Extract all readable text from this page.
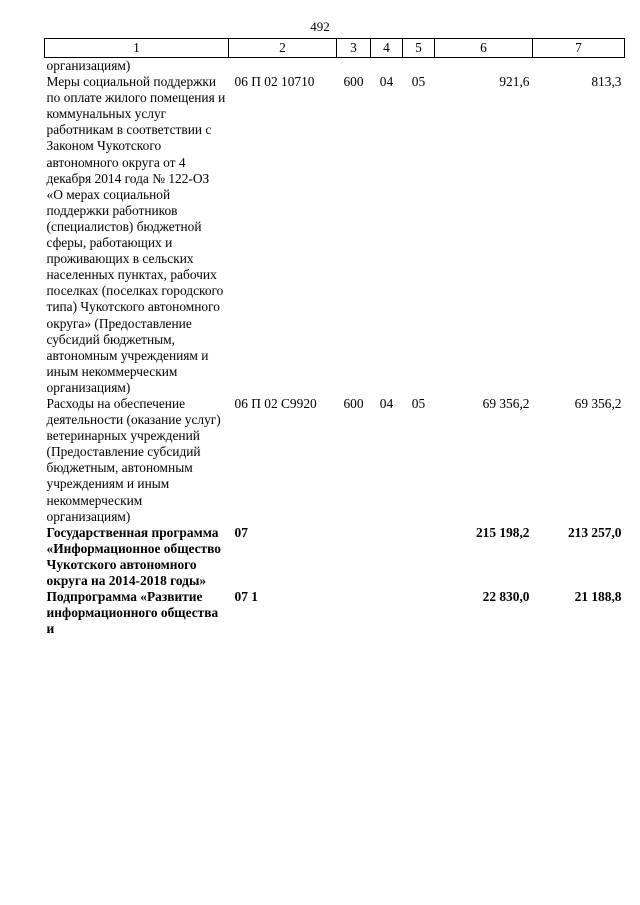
492
1	2	3	4	5	6	7
организациям)						
Меры социальной поддержки по оплате жилого помещения и коммунальных услуг работникам в соответствии с Законом Чукотского автономного округа от 4 декабря 2014 года № 122-ОЗ «О мерах социальной поддержки работников (специалистов) бюджетной сферы, работающих и проживающих в сельских населенных пунктах, рабочих поселках (поселках городского типа) Чукотского автономного округа» (Предоставление субсидий бюджетным, автономным учреждениям и иным некоммерческим организациям)	06 П 02 10710	600	04	05	921,6	813,3
Расходы на обеспечение деятельности (оказание услуг) ветеринарных учреждений (Предоставление субсидий бюджетным, автономным учреждениям и иным некоммерческим организациям)	06 П 02 С9920	600	04	05	69 356,2	69 356,2
Государственная программа «Информационное общество Чукотского автономного округа на 2014-2018 годы»	07				215 198,2	213 257,0
Подпрограмма «Развитие информационного общества и	07 1				22 830,0	21 188,8
